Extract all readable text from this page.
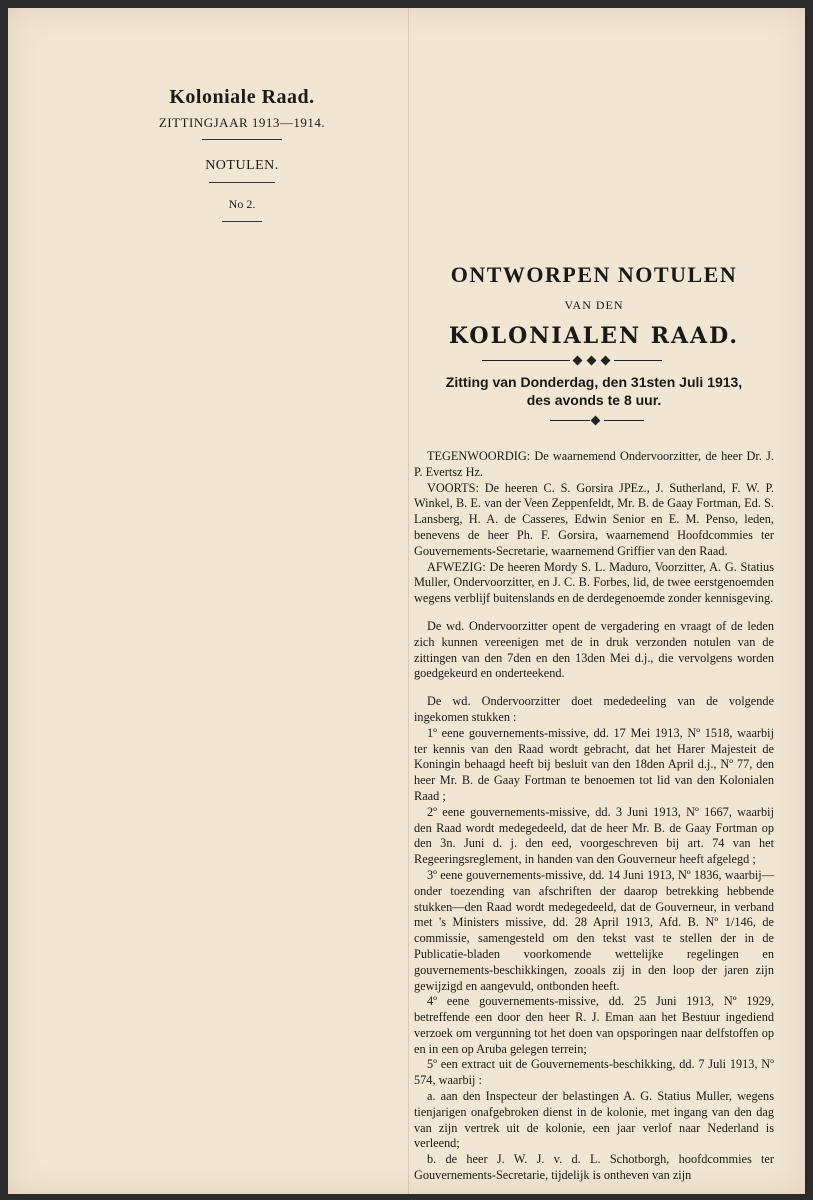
Koloniale Raad.
ZITTINGJAAR 1913—1914.
NOTULEN.
No 2.
ONTWORPEN NOTULEN
VAN DEN
KOLONIALEN RAAD.
Zitting van Donderdag, den 31sten Juli 1913,
des avonds te 8 uur.

TEGENWOORDIG: De waarnemend Ondervoorzitter, de heer Dr. J. P. Evertsz Hz.

VOORTS: De heeren C. S. Gorsira JPEz., J. Sutherland, F. W. P. Winkel, B. E. van der Veen Zeppenfeldt, Mr. B. de Gaay Fortman, Ed. S. Lansberg, H. A. de Casseres, Edwin Senior en E. M. Penso, leden, benevens de heer Ph. F. Gorsira, waarnemend Hoofdcommies ter Gouvernements-Secretarie, waarnemend Griffier van den Raad.

AFWEZIG: De heeren Mordy S. L. Maduro, Voorzitter, A. G. Statius Muller, Ondervoorzitter, en J. C. B. Forbes, lid, de twee eerstgenoemden wegens verblijf buitenslands en de derdegenoemde zonder kennisgeving.

De wd. Ondervoorzitter opent de vergadering en vraagt of de leden zich kunnen vereenigen met de in druk verzonden notulen van de zittingen van den 7den en den 13den Mei d.j., die vervolgens worden goedgekeurd en onderteekend.

De wd. Ondervoorzitter doet mededeeling van de volgende ingekomen stukken :

1º eene gouvernements-missive, dd. 17 Mei 1913, Nº 1518, waarbij ter kennis van den Raad wordt gebracht, dat het Harer Majesteit de Koningin behaagd heeft bij besluit van den 18den April d.j., Nº 77, den heer Mr. B. de Gaay Fortman te benoemen tot lid van den Kolonialen Raad ;

2º eene gouvernements-missive, dd. 3 Juni 1913, Nº 1667, waarbij den Raad wordt medegedeeld, dat de heer Mr. B. de Gaay Fortman op den 3n. Juni d. j. den eed, voorgeschreven bij art. 74 van het Regeeringsreglement, in handen van den Gouverneur heeft afgelegd ;

3º eene gouvernements-missive, dd. 14 Juni 1913, Nº 1836, waarbij—onder toezending van afschriften der daarop betrekking hebbende stukken—den Raad wordt medegedeeld, dat de Gouverneur, in verband met 's Ministers missive, dd. 28 April 1913, Afd. B. Nº 1/146, de commissie, samengesteld om den tekst vast te stellen der in de Publicatie-bladen voorkomende wettelijke regelingen en gouvernements-beschikkingen, zooals zij in den loop der jaren zijn gewijzigd en aangevuld, ontbonden heeft.

4º eene gouvernements-missive, dd. 25 Juni 1913, Nº 1929, betreffende een door den heer R. J. Eman aan het Bestuur ingediend verzoek om vergunning tot het doen van opsporingen naar delfstoffen op en in een op Aruba gelegen terrein;

5º een extract uit de Gouvernements-beschikking, dd. 7 Juli 1913, Nº 574, waarbij :

a. aan den Inspecteur der belastingen A. G. Statius Muller, wegens tienjarigen onafgebroken dienst in de kolonie, met ingang van den dag van zijn vertrek uit de kolonie, een jaar verlof naar Nederland is verleend;

b. de heer J. W. J. v. d. L. Schotborgh, hoofdcommies ter Gouvernements-Secretarie, tijdelijk is ontheven van zijn
